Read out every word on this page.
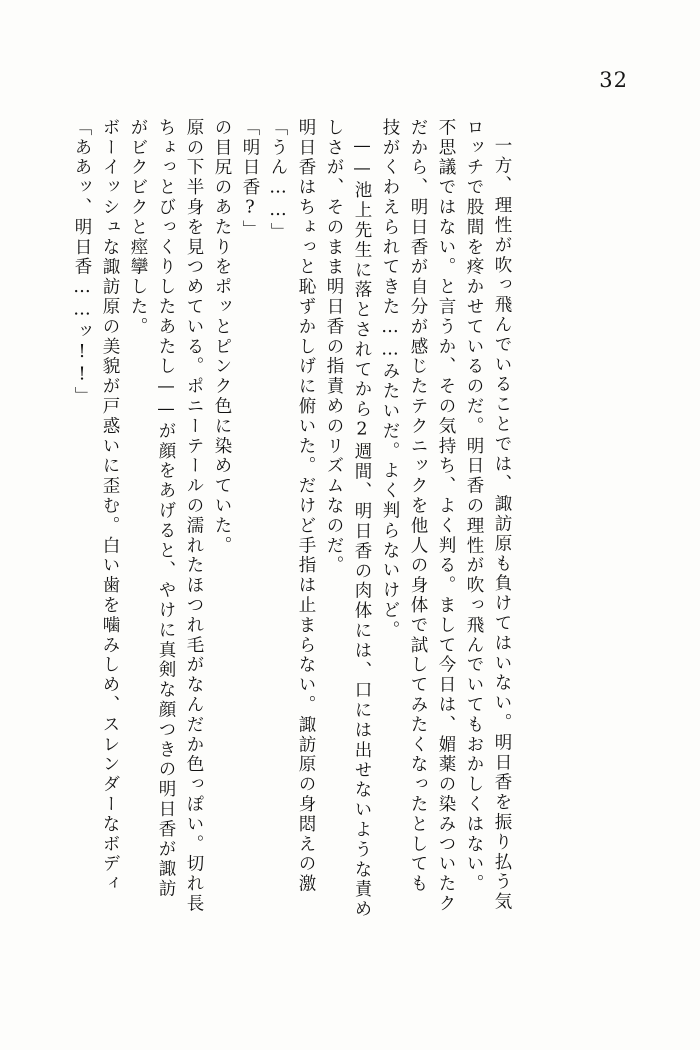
32
「ああッ、明日香……ッ!!」 ボーイッシュな諏訪原の美貌が戸惑いに歪む。白い歯を噛みしめ、スレンダーなボディ がビクビクと痙攣した。 ちょっとびっくりしたあたし——が顔をあげると、やけに真剣な顔つきの明日香が諏訪 原の下半身を見つめている。ポニーテールの濡れたほつれ毛がなんだか色っぽい。切れ長 の目尻のあたりをポッとピンク色に染めていた。 「明日香?」 「うん……」 明日香はちょっと恥ずかしげに俯いた。だけど手指は止まらない。諏訪原の身悶えの激 しさが、そのまま明日香の指責めのリズムなのだ。 ——池上先生に落とされてから2週間、明日香の肉体には、口には出せないような責め 技がくわえられてきた……みたいだ。よく判らないけど。 だから、明日香が自分が感じたテクニックを他人の身体で試してみたくなったとしても 不思議ではない。と言うか、その気持ち、よく判る。まして今日は、媚薬の染みついたク ロッチで股間を疼かせているのだ。明日香の理性が吹っ飛んでいてもおかしくはない。 一方、理性が吹っ飛んでいることでは、諏訪原も負けてはいない。明日香を振り払う気
